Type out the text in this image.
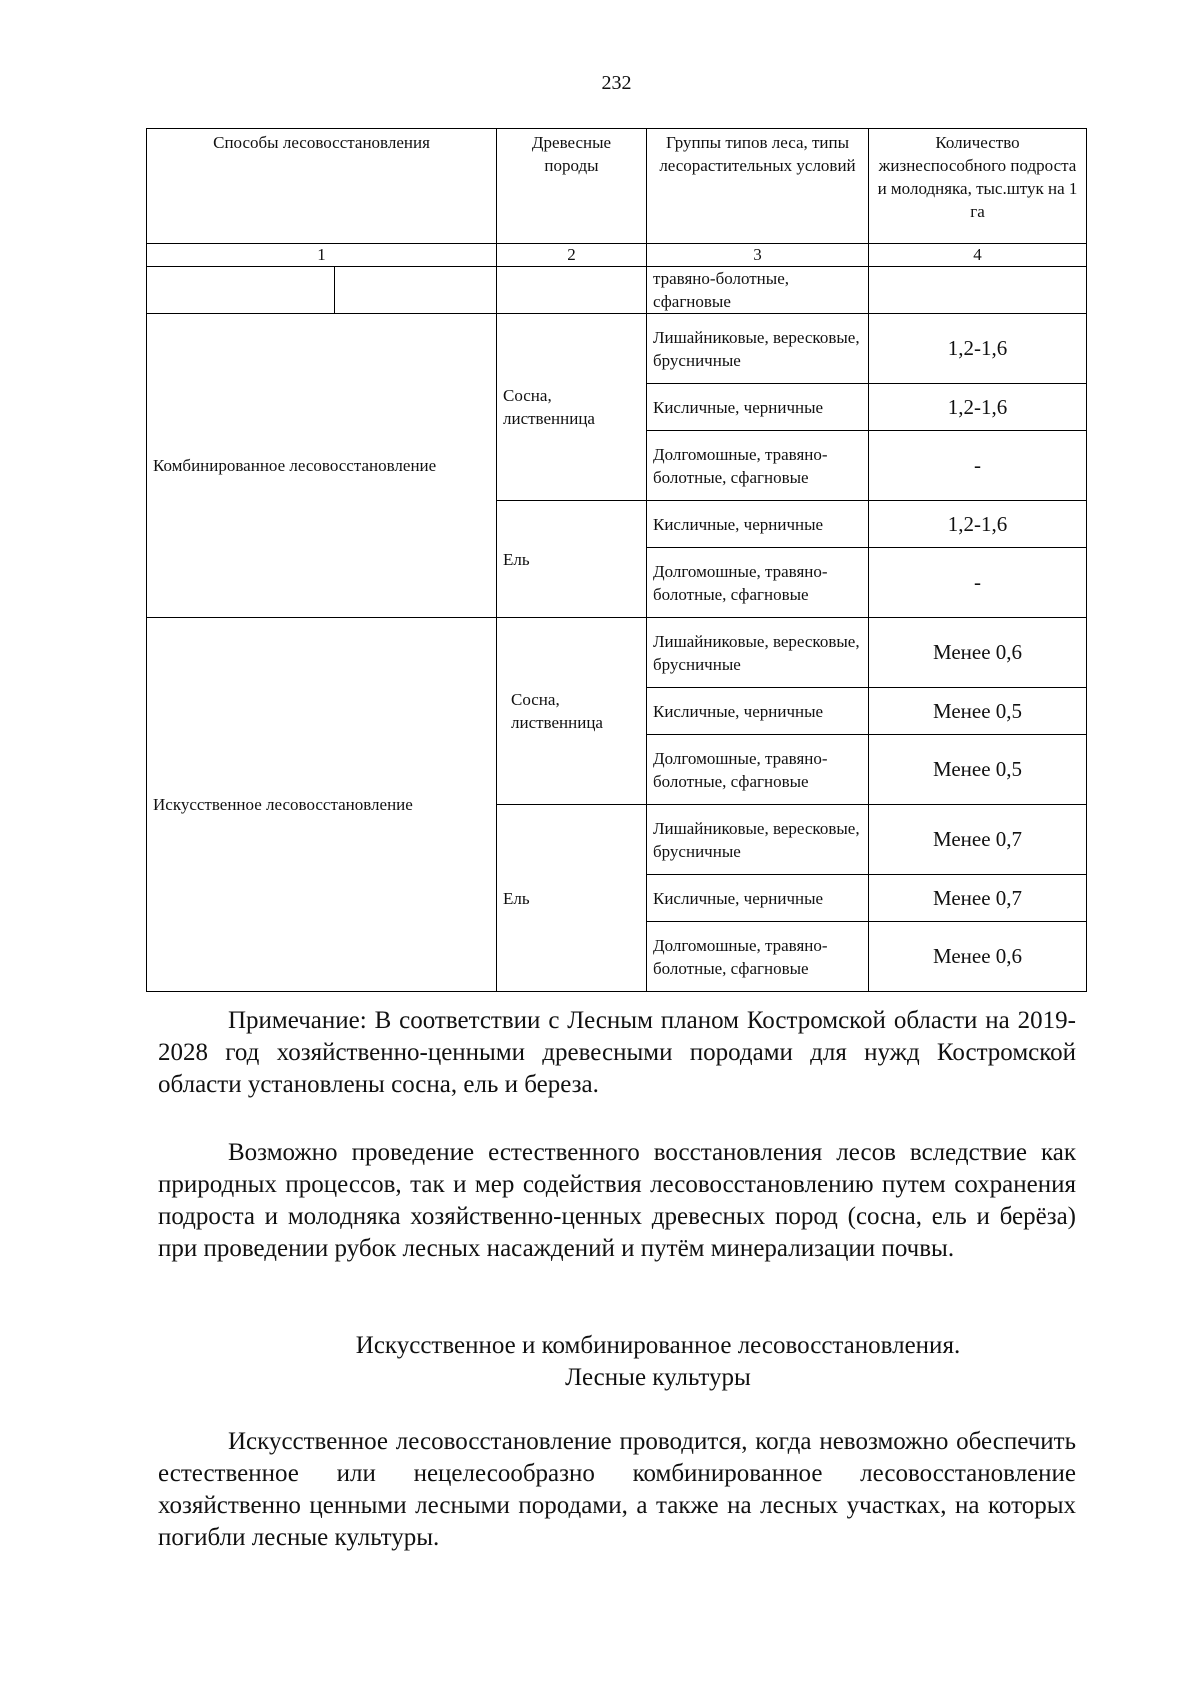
232
Способы лесовосстановления		Древесные породы	Группы типов леса, типы лесорастительных условий	Количество жизнеспособного подроста и молодняка, тыс.штук на 1 га
1		2	3	4
			травяно-болотные, сфагновые	
Комбинированное лесовосстановление		Сосна, лиственница	Лишайниковые, вересковые, брусничные	1,2-1,6
			Кисличные, черничные	1,2-1,6
			Долгомошные, травяно-болотные, сфагновые	-
		Ель	Кисличные, черничные	1,2-1,6
			Долгомошные, травяно-болотные, сфагновые	-
Искусственное лесовосстановление		Сосна, лиственница	Лишайниковые, вересковые, брусничные	Менее 0,6
			Кисличные, черничные	Менее 0,5
			Долгомошные, травяно-болотные, сфагновые	Менее 0,5
		Ель	Лишайниковые, вересковые, брусничные	Менее 0,7
			Кисличные, черничные	Менее 0,7
			Долгомошные, травяно-болотные, сфагновые	Менее 0,6

Примечание: В соответствии с Лесным планом Костромской области на 2019-2028 год хозяйственно-ценными древесными породами для нужд Костромской области установлены сосна, ель и береза.

Возможно проведение естественного восстановления лесов вследствие как природных процессов, так и мер содействия лесовосстановлению путем сохранения подроста и молодняка хозяйственно-ценных древесных пород (сосна, ель и берёза) при проведении рубок лесных насаждений и путём минерализации почвы.

Искусственное и комбинированное лесовосстановления.
Лесные культуры

Искусственное лесовосстановление проводится, когда невозможно обеспечить естественное или нецелесообразно комбинированное лесовосстановление хозяйственно ценными лесными породами, а также на лесных участках, на которых погибли лесные культуры.
